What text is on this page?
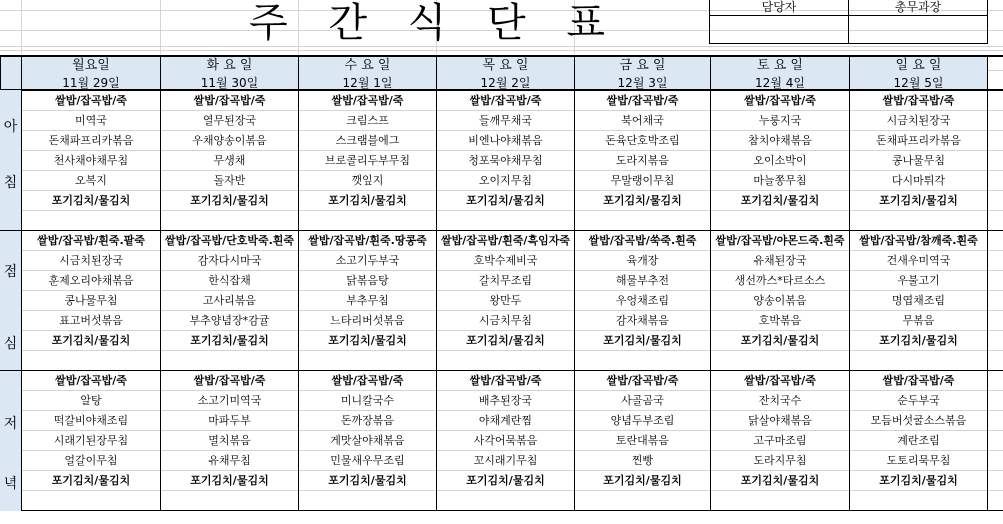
주 간 식 단 표	담당자	총무과장
월요일
11월 29일
화 요 일
11월 30일
수 요 일
12월 1일
목 요 일
12월 2일
금 요 일
12월 3일
토 요 일
12월 4일
일 요 일
12월 5일
아
침
점
심
저
녁
쌀밥/잡곡밥/죽
미역국
돈채파프리카볶음
천사채야채무침
오복지
포기김치/물김치
쌀밥/잡곡밥/죽
열무된장국
우채양송이볶음
무생채
돌자반
포기김치/물김치
쌀밥/잡곡밥/죽
크림스프
스크램블에그
브로콜리두부무침
깻잎지
포기김치/물김치
쌀밥/잡곡밥/죽
들깨무채국
비엔나야채볶음
청포묵야채무침
오이지무침
포기김치/물김치
쌀밥/잡곡밥/죽
북어채국
돈육단호박조림
도라지볶음
무말랭이무침
포기김치/물김치
쌀밥/잡곡밥/죽
누룽지국
참치야채볶음
오이소박이
마늘쫑무침
포기김치/물김치
쌀밥/잡곡밥/죽
시금치된장국
돈채파프리카볶음
콩나물무침
다시마튀각
포기김치/물김치
쌀밥/잡곡밥/흰죽.팥죽
시금치된장국
훈제오리야채볶음
콩나물무침
표고버섯볶음
포기김치/물김치
쌀밥/잡곡밥/단호박죽.흰죽
감자다시마국
한식잡채
고사리볶음
부추양념장*감귤
포기김치/물김치
쌀밥/잡곡밥/흰죽.땅콩죽
소고기두부국
닭볶음탕
부추무침
느타리버섯볶음
포기김치/물김치
쌀밥/잡곡밥/흰죽/흑임자죽
호박수제비국
갈치무조림
왕만두
시금치무침
포기김치/물김치
쌀밥/잡곡밥/쑥죽.흰죽
육개장
해물부추전
우엉채조림
감자채볶음
포기김치/물김치
쌀밥/잡곡밥/야몬드죽.흰죽
유채된장국
생선까스*타르소스
양송이볶음
호박볶음
포기김치/물김치
쌀밥/잡곡밥/참깨죽.흰죽
건새우미역국
우불고기
명엽채조림
무볶음
포기김치/물김치
쌀밥/잡곡밥/죽
알탕
떡갈비야채조림
시래기된장무침
얼갈이무침
포기김치/물김치
쌀밥/잡곡밥/죽
소고기미역국
마파두부
멸치볶음
유채무침
포기김치/물김치
쌀밥/잡곡밥/죽
미니칼국수
돈까장볶음
게맛살야채볶음
민물새우무조림
포기김치/물김치
쌀밥/잡곡밥/죽
배추된장국
야채계란찜
사각어묵볶음
꼬시래기무침
포기김치/물김치
쌀밥/잡곡밥/죽
사골곰국
양념두부조림
토란대볶음
찐빵
포기김치/물김치
쌀밥/잡곡밥/죽
잔치국수
닭살야채볶음
고구마조림
도라지무침
포기김치/물김치
쌀밥/잡곡밥/죽
순두부국
모듬버섯굴소스볶음
계란조림
도토리묵무침
포기김치/물김치
